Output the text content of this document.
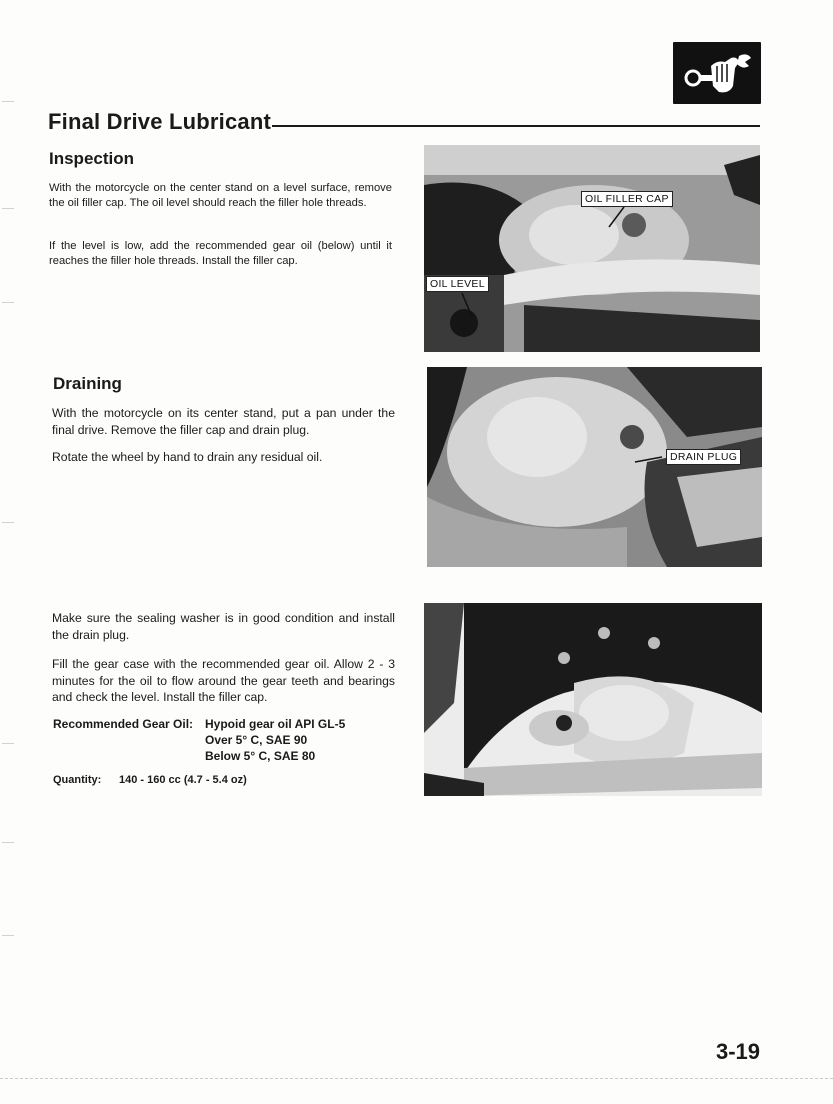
Final Drive Lubricant
Inspection
With the motorcycle on the center stand on a level surface, remove the oil filler cap. The oil level should reach the filler hole threads.
If the level is low, add the recommended gear oil (below) until it reaches the filler hole threads. Install the filler cap.
OIL FILLER CAP
OIL LEVEL
Draining
With the motorcycle on its center stand, put a pan under the final drive. Remove the filler cap and drain plug.
Rotate the wheel by hand to drain any residual oil.	DRAIN PLUG
Make sure the sealing washer is in good condition and install the drain plug.
Fill the gear case with the recommended gear oil. Allow 2 - 3 minutes for the oil to flow around the gear teeth and bearings and check the level. Install the filler cap.
Recommended Gear Oil: Hypoid gear oil API GL-5
Over 5° C, SAE 90
Below 5° C, SAE 80
Quantity: 140 - 160 cc (4.7 - 5.4 oz)
3-19
